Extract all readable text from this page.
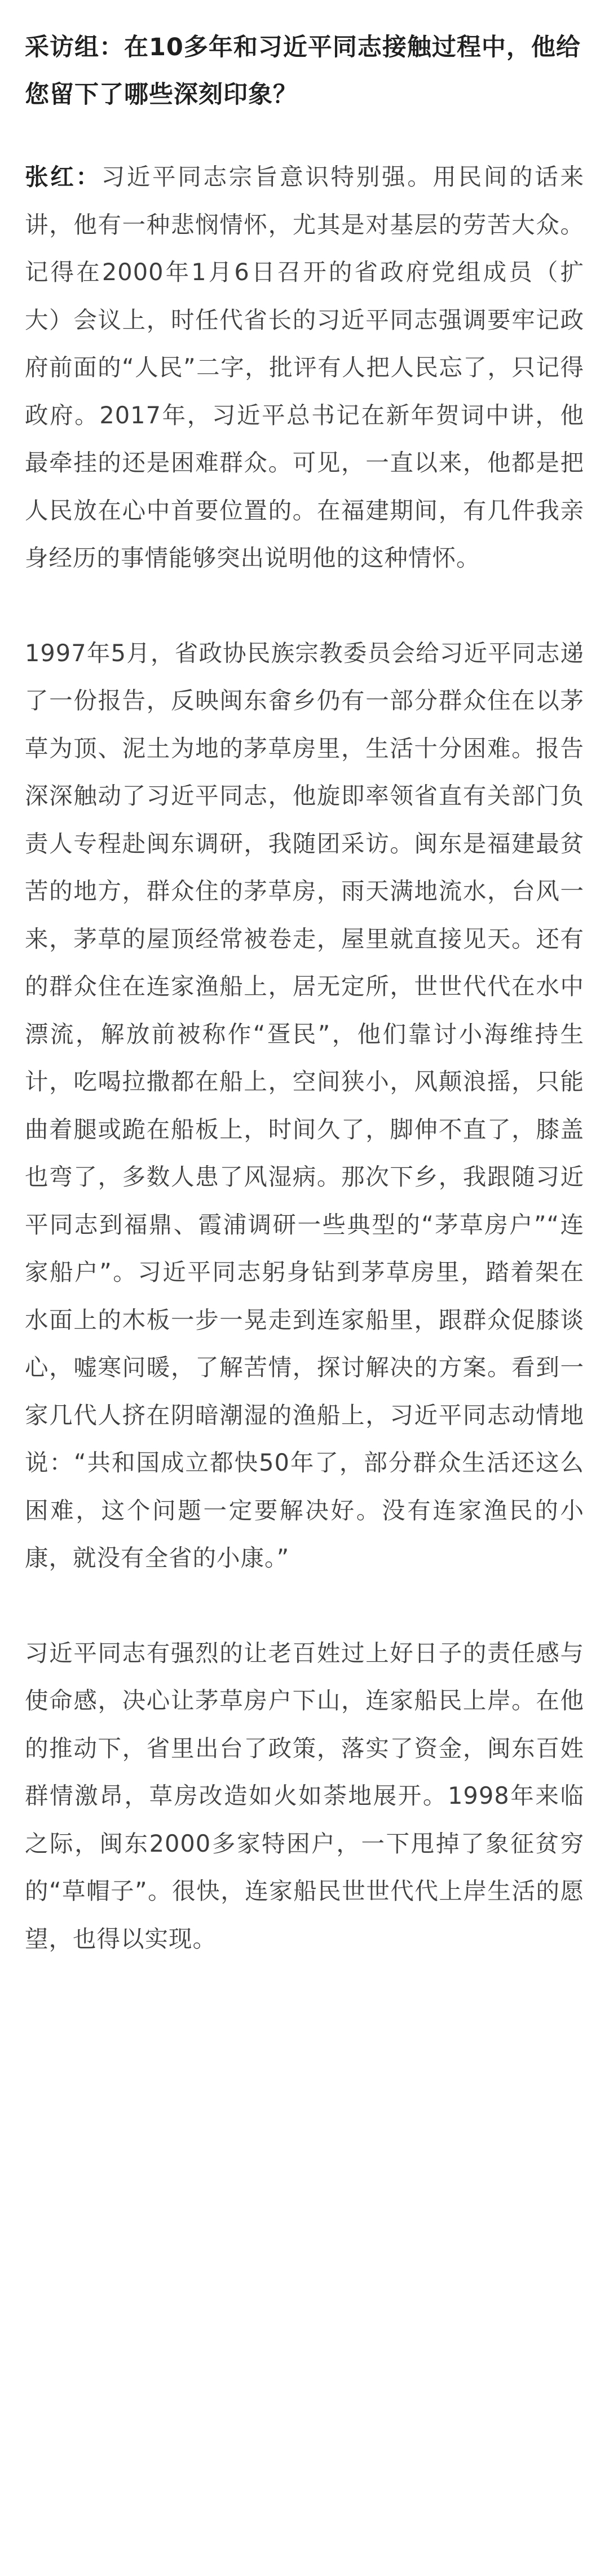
采访组：在10多年和习近平同志接触过程中，他给您留下了哪些深刻印象？

张红：习近平同志宗旨意识特别强。用民间的话来讲，他有一种悲悯情怀，尤其是对基层的劳苦大众。记得在2000年1月6日召开的省政府党组成员（扩大）会议上，时任代省长的习近平同志强调要牢记政府前面的“人民”二字，批评有人把人民忘了，只记得政府。2017年，习近平总书记在新年贺词中讲，他最牵挂的还是困难群众。可见，一直以来，他都是把人民放在心中首要位置的。在福建期间，有几件我亲身经历的事情能够突出说明他的这种情怀。

1997年5月，省政协民族宗教委员会给习近平同志递了一份报告，反映闽东畲乡仍有一部分群众住在以茅草为顶、泥土为地的茅草房里，生活十分困难。报告深深触动了习近平同志，他旋即率领省直有关部门负责人专程赴闽东调研，我随团采访。闽东是福建最贫苦的地方，群众住的茅草房，雨天满地流水，台风一来，茅草的屋顶经常被卷走，屋里就直接见天。还有的群众住在连家渔船上，居无定所，世世代代在水中漂流，解放前被称作“疍民”，他们靠讨小海维持生计，吃喝拉撒都在船上，空间狭小，风颠浪摇，只能曲着腿或跪在船板上，时间久了，脚伸不直了，膝盖也弯了，多数人患了风湿病。那次下乡，我跟随习近平同志到福鼎、霞浦调研一些典型的“茅草房户”“连家船户”。习近平同志躬身钻到茅草房里，踏着架在水面上的木板一步一晃走到连家船里，跟群众促膝谈心，嘘寒问暖，了解苦情，探讨解决的方案。看到一家几代人挤在阴暗潮湿的渔船上，习近平同志动情地说：“共和国成立都快50年了，部分群众生活还这么困难，这个问题一定要解决好。没有连家渔民的小康，就没有全省的小康。”

习近平同志有强烈的让老百姓过上好日子的责任感与使命感，决心让茅草房户下山，连家船民上岸。在他的推动下，省里出台了政策，落实了资金，闽东百姓群情激昂，草房改造如火如荼地展开。1998年来临之际，闽东2000多家特困户，一下甩掉了象征贫穷的“草帽子”。很快，连家船民世世代代上岸生活的愿望，也得以实现。
